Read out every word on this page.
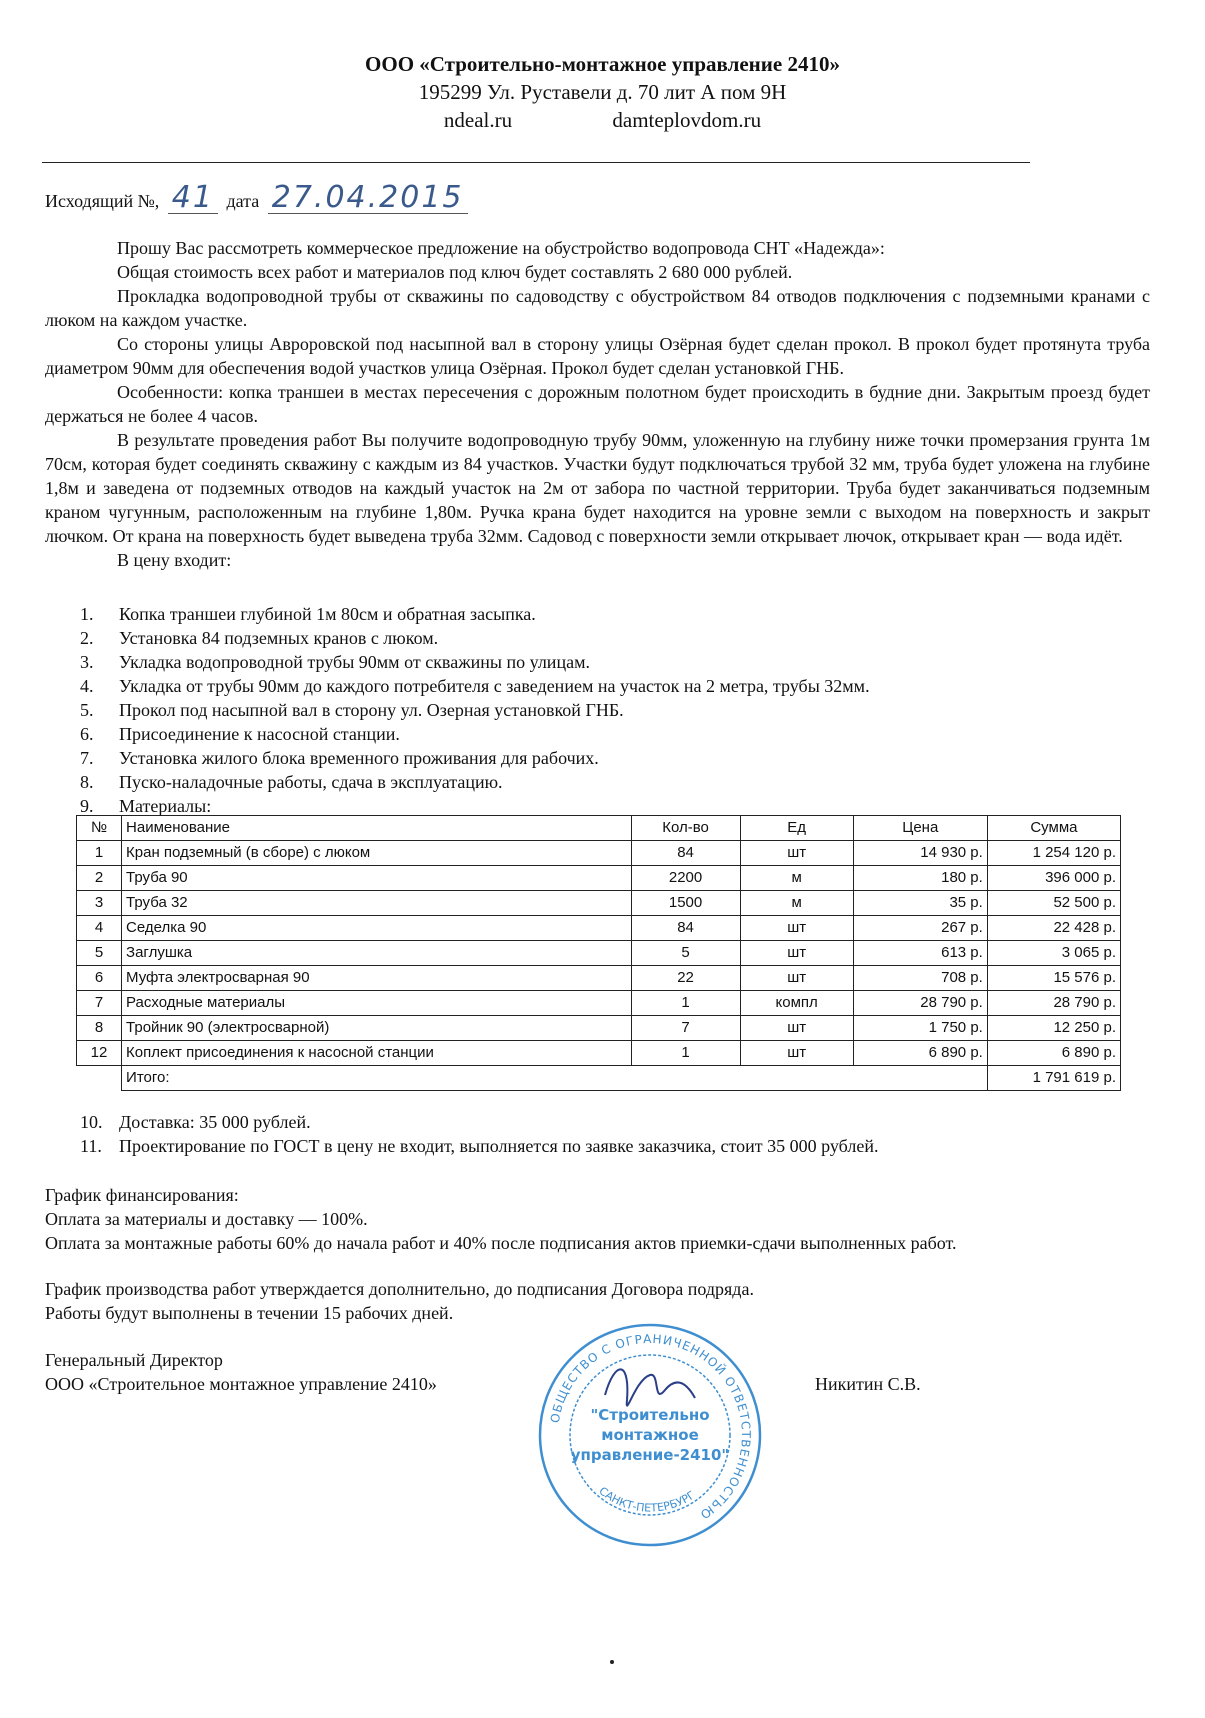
ООО «Строительно-монтажное управление 2410»
195299 Ул. Руставели д. 70 лит А пом 9Н
ndeal.ru	damteplovdom.ru
Исходящий №, 41 дата 27.04.2015

Прошу Вас рассмотреть коммерческое предложение на обустройство водопровода СНТ «Надежда»:

Общая стоимость всех работ и материалов под ключ будет составлять 2 680 000 рублей.

Прокладка водопроводной трубы от скважины по садоводству с обустройством 84 отводов подключения с подземными кранами с люком на каждом участке.

Со стороны улицы Авроровской под насыпной вал в сторону улицы Озёрная будет сделан прокол. В прокол будет протянута труба диаметром 90мм для обеспечения водой участков улица Озёрная. Прокол будет сделан установкой ГНБ.

Особенности: копка траншеи в местах пересечения с дорожным полотном будет происходить в будние дни. Закрытым проезд будет держаться не более 4 часов.

В результате проведения работ Вы получите водопроводную трубу 90мм, уложенную на глубину ниже точки промерзания грунта 1м 70см, которая будет соединять скважину с каждым из 84 участков. Участки будут подключаться трубой 32 мм, труба будет уложена на глубине 1,8м и заведена от подземных отводов на каждый участок на 2м от забора по частной территории. Труба будет заканчиваться подземным краном чугунным, расположенным на глубине 1,80м. Ручка крана будет находится на уровне земли с выходом на поверхность и закрыт лючком. От крана на поверхность будет выведена труба 32мм. Садовод с поверхности земли открывает лючок, открывает кран — вода идёт.

В цену входит:

1. Копка траншеи глубиной 1м 80см и обратная засыпка.
2. Установка 84 подземных кранов с люком.
3. Укладка водопроводной трубы 90мм от скважины по улицам.
4. Укладка от трубы 90мм до каждого потребителя с заведением на участок на 2 метра, трубы 32мм.
5. Прокол под насыпной вал в сторону ул. Озерная установкой ГНБ.
6. Присоединение к насосной станции.
7. Установка жилого блока временного проживания для рабочих.
8. Пуско-наладочные работы, сдача в эксплуатацию.
9. Материалы:
№	Наименование	Кол-во	Ед	Цена	Сумма
1	Кран подземный (в сборе) с люком	84	шт	14 930 р.	1 254 120 р.
2	Труба 90	2200	м	180 р.	396 000 р.
3	Труба 32	1500	м	35 р.	52 500 р.
4	Седелка 90	84	шт	267 р.	22 428 р.
5	Заглушка	5	шт	613 р.	3 065 р.
6	Муфта электросварная 90	22	шт	708 р.	15 576 р.
7	Расходные материалы	1	компл	28 790 р.	28 790 р.
8	Тройник 90 (электросварной)	7	шт	1 750 р.	12 250 р.
12	Коплект присоединения к насосной станции	1	шт	6 890 р.	6 890 р.
	Итого:				1 791 619 р.
10. Доставка: 35 000 рублей.
11. Проектирование по ГОСТ в цену не входит, выполняется по заявке заказчика, стоит 35 000 рублей.
График финансирования:
Оплата за материалы и доставку — 100%.
Оплата за монтажные работы 60% до начала работ и 40% после подписания актов приемки-сдачи выполненных работ.
График производства работ утверждается дополнительно, до подписания Договора подряда.
Работы будут выполнены в течении 15 рабочих дней.
Генеральный Директор
ООО «Строительное монтажное управление 2410»	Никитин С.В.
ОБЩЕСТВО С ОГРАНИЧЕННОЙ ОТВЕТСТВЕННОСТЬЮ
"Строительно
монтажное
управление-2410"
САНКТ-ПЕТЕРБУРГ
